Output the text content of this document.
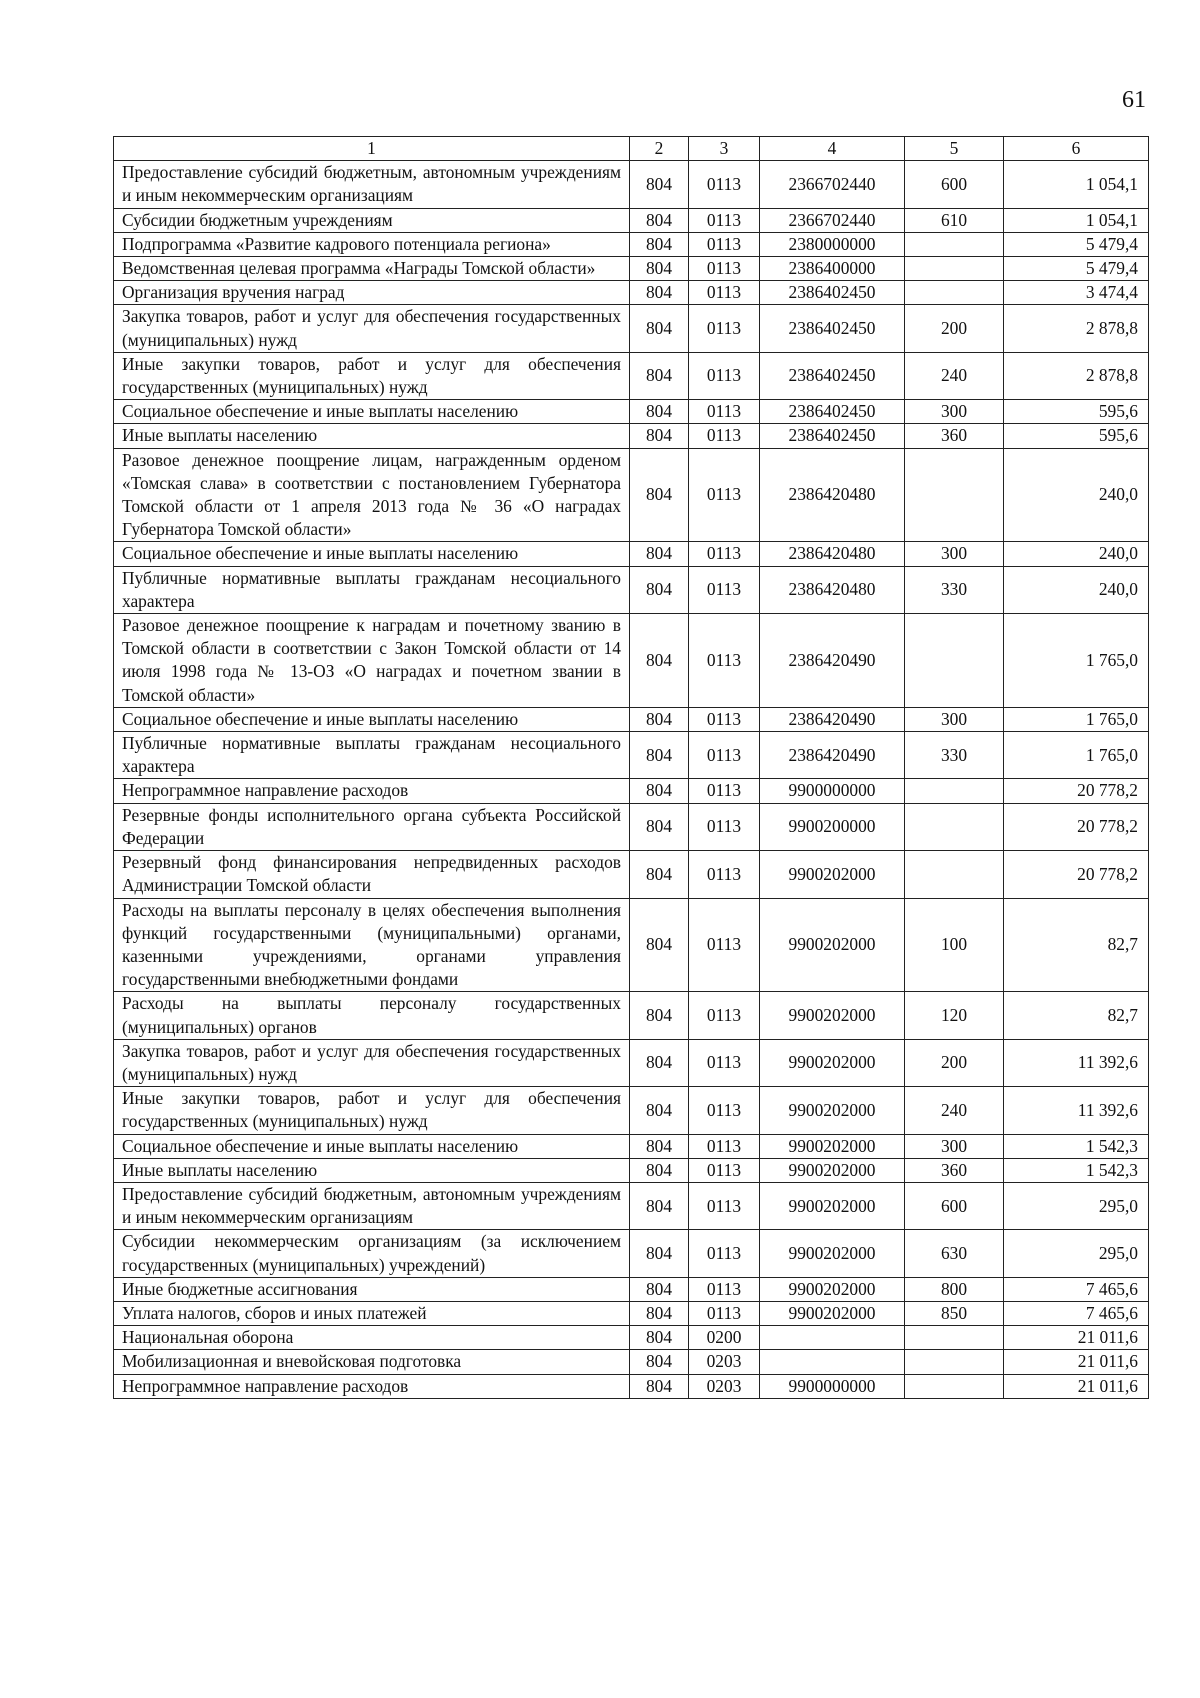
61
1	2	3	4	5	6
Предоставление субсидий бюджетным, автономным учреждениям и иным некоммерческим организациям	804	0113	2366702440	600	1 054,1
Субсидии бюджетным учреждениям	804	0113	2366702440	610	1 054,1
Подпрограмма «Развитие кадрового потенциала региона»	804	0113	2380000000		5 479,4
Ведомственная целевая программа «Награды Томской области»	804	0113	2386400000		5 479,4
Организация вручения наград	804	0113	2386402450		3 474,4
Закупка товаров, работ и услуг для обеспечения государственных (муниципальных) нужд	804	0113	2386402450	200	2 878,8
Иные закупки товаров, работ и услуг для обеспечения государственных (муниципальных) нужд	804	0113	2386402450	240	2 878,8
Социальное обеспечение и иные выплаты населению	804	0113	2386402450	300	595,6
Иные выплаты населению	804	0113	2386402450	360	595,6
Разовое денежное поощрение лицам, награжденным орденом «Томская слава» в соответствии с постановлением Губернатора Томской области от 1 апреля 2013 года № 36 «О наградах Губернатора Томской области»	804	0113	2386420480		240,0
Социальное обеспечение и иные выплаты населению	804	0113	2386420480	300	240,0
Публичные нормативные выплаты гражданам несоциального характера	804	0113	2386420480	330	240,0
Разовое денежное поощрение к наградам и почетному званию в Томской области в соответствии с Закон Томской области от 14 июля 1998 года № 13-ОЗ «О наградах и почетном звании в Томской области»	804	0113	2386420490		1 765,0
Социальное обеспечение и иные выплаты населению	804	0113	2386420490	300	1 765,0
Публичные нормативные выплаты гражданам несоциального характера	804	0113	2386420490	330	1 765,0
Непрограммное направление расходов	804	0113	9900000000		20 778,2
Резервные фонды исполнительного органа субъекта Российской Федерации	804	0113	9900200000		20 778,2
Резервный фонд финансирования непредвиденных расходов Администрации Томской области	804	0113	9900202000		20 778,2
Расходы на выплаты персоналу в целях обеспечения выполнения функций государственными (муниципальными) органами, казенными учреждениями, органами управления государственными внебюджетными фондами	804	0113	9900202000	100	82,7
Расходы на выплаты персоналу государственных (муниципальных) органов	804	0113	9900202000	120	82,7
Закупка товаров, работ и услуг для обеспечения государственных (муниципальных) нужд	804	0113	9900202000	200	11 392,6
Иные закупки товаров, работ и услуг для обеспечения государственных (муниципальных) нужд	804	0113	9900202000	240	11 392,6
Социальное обеспечение и иные выплаты населению	804	0113	9900202000	300	1 542,3
Иные выплаты населению	804	0113	9900202000	360	1 542,3
Предоставление субсидий бюджетным, автономным учреждениям и иным некоммерческим организациям	804	0113	9900202000	600	295,0
Субсидии некоммерческим организациям (за исключением государственных (муниципальных) учреждений)	804	0113	9900202000	630	295,0
Иные бюджетные ассигнования	804	0113	9900202000	800	7 465,6
Уплата налогов, сборов и иных платежей	804	0113	9900202000	850	7 465,6
Национальная оборона	804	0200			21 011,6
Мобилизационная и вневойсковая подготовка	804	0203			21 011,6
Непрограммное направление расходов	804	0203	9900000000		21 011,6
